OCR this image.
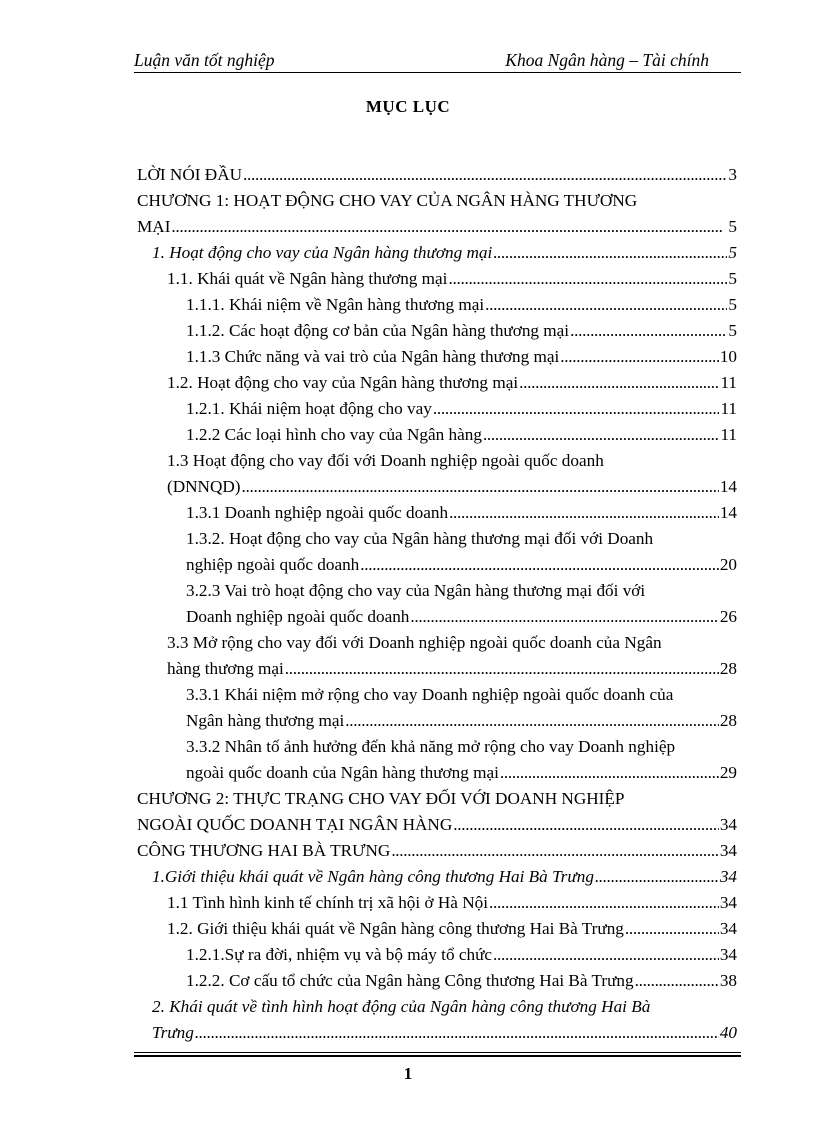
Luận văn tốt nghiệp	Khoa Ngân hàng – Tài chính
MỤC LỤC
LỜI NÓI ĐẦU . . .	3
CHƯƠNG 1: HOẠT ĐỘNG CHO VAY CỦA NGÂN HÀNG THƯƠNG
MẠI . . .	5
1. Hoạt động cho vay của Ngân hàng thương mại . . .	5
1.1. Khái quát về Ngân hàng thương mại . . .	5
1.1.1. Khái niệm về Ngân hàng thương mại . . .	5
1.1.2. Các hoạt động cơ bản của Ngân hàng thương mại . . .	5
1.1.3 Chức năng và vai trò của Ngân hàng thương mại . . .	10
1.2. Hoạt động cho vay của Ngân hàng thương mại . . .	11
1.2.1. Khái niệm hoạt động cho vay . . .	11
1.2.2 Các loại hình cho vay của Ngân hàng . . .	11
1.3 Hoạt động cho vay đối với Doanh nghiệp ngoài quốc doanh
(DNNQD) . . .	14
1.3.1 Doanh nghiệp ngoài quốc doanh . . .	14
1.3.2. Hoạt động cho vay của Ngân hàng thương mại đối với Doanh
nghiệp ngoài quốc doanh . . .	20
3.2.3 Vai trò hoạt động cho vay của Ngân hàng thương mại đối với
Doanh nghiệp ngoài quốc doanh . . .	26
3.3 Mở rộng cho vay đối với Doanh nghiệp ngoài quốc doanh của Ngân
hàng thương mại . . .	28
3.3.1 Khái niệm mở rộng cho vay Doanh nghiệp ngoài quốc doanh của
Ngân hàng thương mại . . .	28
3.3.2 Nhân tố ảnh hưởng đến khả năng mở rộng cho vay Doanh nghiệp
ngoài quốc doanh của Ngân hàng thương mại . . .	29
CHƯƠNG 2: THỰC TRẠNG CHO VAY ĐỐI VỚI DOANH NGHIỆP
NGOÀI QUỐC DOANH TẠI NGÂN HÀNG . . .	34
CÔNG THƯƠNG HAI BÀ TRƯNG . . .	34
1.Giới thiệu khái quát về Ngân hàng công thương Hai Bà Trưng . . .	34
1.1 Tình hình kinh tế chính trị xã hội ở Hà Nội . . .	34
1.2. Giới thiệu khái quát về Ngân hàng công thương Hai Bà Trưng . . .	34
1.2.1.Sự ra đời, nhiệm vụ và bộ máy tổ chức . . .	34
1.2.2. Cơ cấu tổ chức của Ngân hàng Công thương Hai Bà Trưng . . .	38
2. Khái quát về tình hình hoạt động của Ngân hàng công thương Hai Bà
Trưng . . .	40
1
